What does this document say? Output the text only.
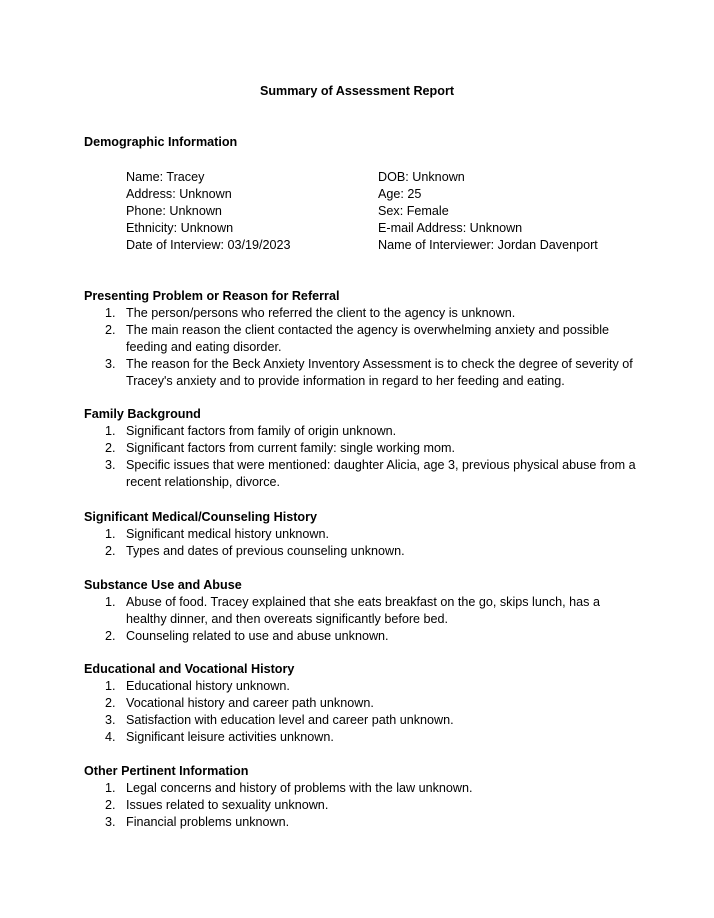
Summary of Assessment Report
Demographic Information
Name: Tracey
Address: Unknown
Phone: Unknown
Ethnicity: Unknown
Date of Interview: 03/19/2023
DOB: Unknown
Age: 25
Sex: Female
E-mail Address: Unknown
Name of Interviewer: Jordan Davenport
Presenting Problem or Reason for Referral
1. The person/persons who referred the client to the agency is unknown.
2. The main reason the client contacted the agency is overwhelming anxiety and possible feeding and eating disorder.
3. The reason for the Beck Anxiety Inventory Assessment is to check the degree of severity of Tracey's anxiety and to provide information in regard to her feeding and eating.
Family Background
1. Significant factors from family of origin unknown.
2. Significant factors from current family: single working mom.
3. Specific issues that were mentioned: daughter Alicia, age 3, previous physical abuse from a recent relationship, divorce.
Significant Medical/Counseling History
1. Significant medical history unknown.
2. Types and dates of previous counseling unknown.
Substance Use and Abuse
1. Abuse of food. Tracey explained that she eats breakfast on the go, skips lunch, has a healthy dinner, and then overeats significantly before bed.
2. Counseling related to use and abuse unknown.
Educational and Vocational History
1. Educational history unknown.
2. Vocational history and career path unknown.
3. Satisfaction with education level and career path unknown.
4. Significant leisure activities unknown.
Other Pertinent Information
1. Legal concerns and history of problems with the law unknown.
2. Issues related to sexuality unknown.
3. Financial problems unknown.
